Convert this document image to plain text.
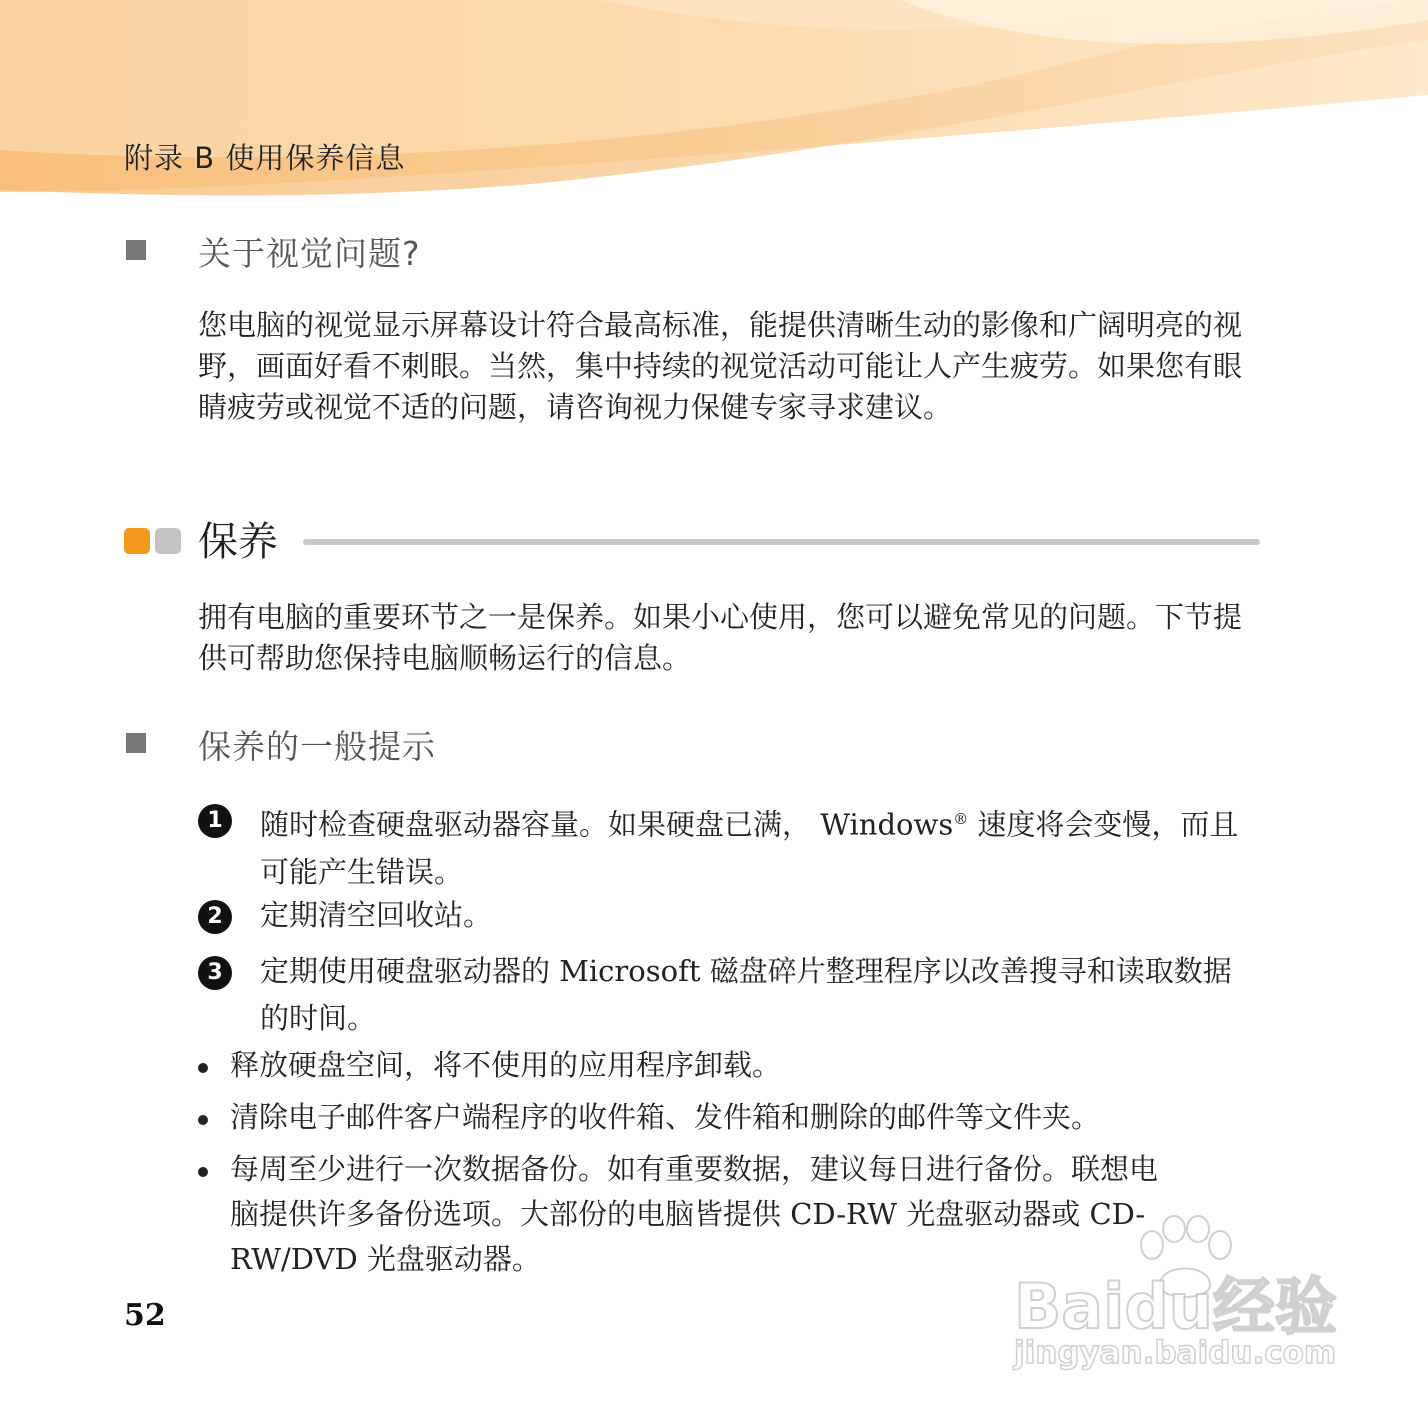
附录 B 使用保养信息
关于视觉问题?

您电脑的视觉显示屏幕设计符合最高标准，能提供清晰生动的影像和广阔明亮的视野，画面好看不刺眼。当然，集中持续的视觉活动可能让人产生疲劳。如果您有眼睛疲劳或视觉不适的问题，请咨询视力保健专家寻求建议。

保养

拥有电脑的重要环节之一是保养。如果小心使用，您可以避免常见的问题。下节提供可帮助您保持电脑顺畅运行的信息。

保养的一般提示
1	随时检查硬盘驱动器容量。如果硬盘已满， Windows® 速度将会变慢，而且可能产生错误。
2	定期清空回收站。
3	定期使用硬盘驱动器的 Microsoft 磁盘碎片整理程序以改善搜寻和读取数据的时间。
释放硬盘空间，将不使用的应用程序卸载。
清除电子邮件客户端程序的收件箱、发件箱和删除的邮件等文件夹。
每周至少进行一次数据备份。如有重要数据，建议每日进行备份。联想电脑提供许多备份选项。大部份的电脑皆提供 CD-RW 光盘驱动器或 CD-RW/DVD 光盘驱动器。
52	Baidu经验
jingyan.baidu.com
